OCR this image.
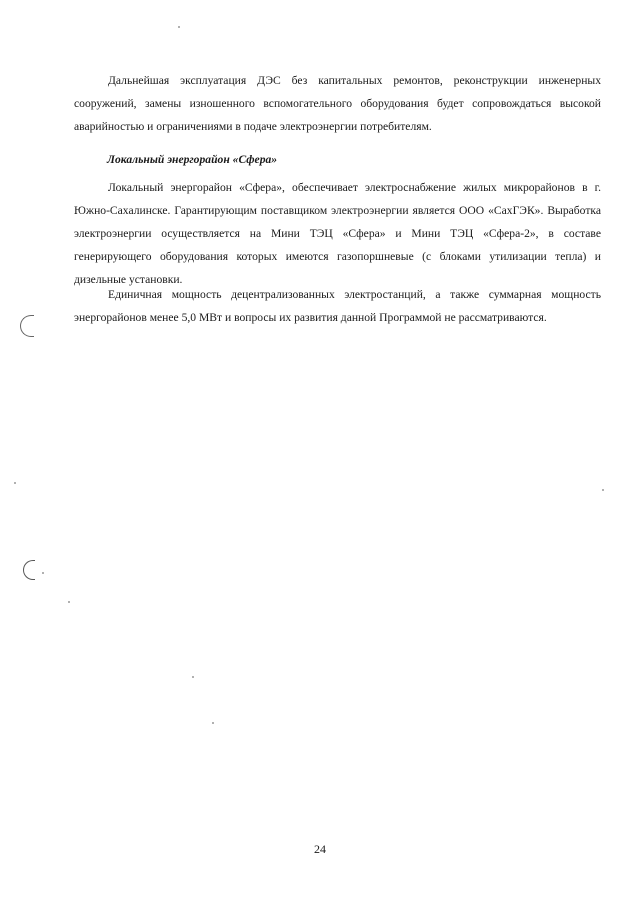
Дальнейшая эксплуатация ДЭС без капитальных ремонтов, реконструкции инженерных сооружений, замены изношенного вспомогательного оборудования будет сопровождаться высокой аварийностью и ограничениями в подаче электроэнергии потребителям.

Локальный энергорайон «Сфера»

Локальный энергорайон «Сфера», обеспечивает электроснабжение жилых микрорайонов в г. Южно-Сахалинске. Гарантирующим поставщиком электроэнергии является ООО «СахГЭК». Выработка электроэнергии осуществляется на Мини ТЭЦ «Сфера» и Мини ТЭЦ «Сфера-2», в составе генерирующего оборудования которых имеются газопоршневые (с блоками утилизации тепла) и дизельные установки.

Единичная мощность децентрализованных электростанций, а также суммарная мощность энергорайонов менее 5,0 МВт и вопросы их развития данной Программой не рассматриваются.

24
